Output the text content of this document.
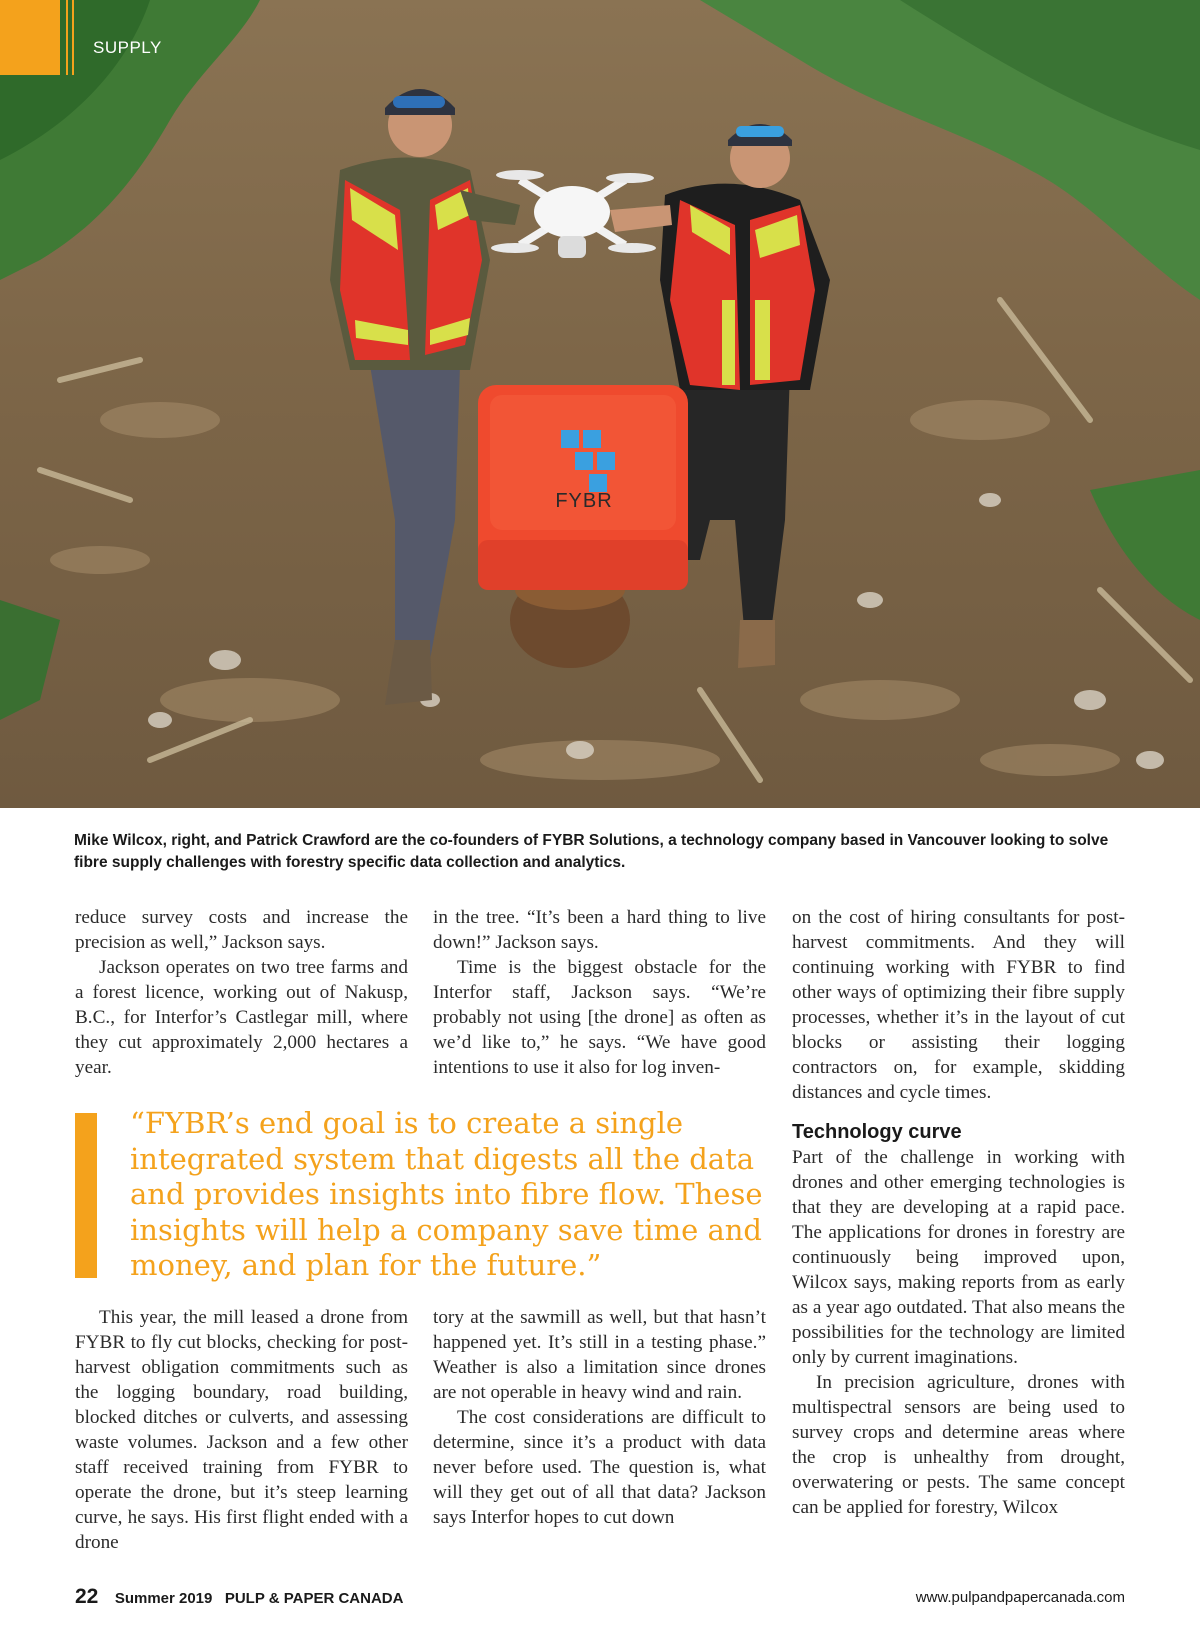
FYBR
SUPPLY
Mike Wilcox, right, and Patrick Crawford are the co-founders of FYBR Solutions, a technology company based in Vancouver looking to solve fibre supply challenges with forestry specific data collection and analytics.

reduce survey costs and increase the precision as well,” Jackson says.

Jackson operates on two tree farms and a forest licence, working out of Nakusp, B.C., for Interfor’s Castlegar mill, where they cut approximately 2,000 hectares a year.

in the tree. “It’s been a hard thing to live down!” Jackson says.

Time is the biggest obstacle for the Interfor staff, Jackson says. “We’re probably not using [the drone] as often as we’d like to,” he says. “We have good intentions to use it also for log inven-

on the cost of hiring consultants for post-harvest commitments. And they will continuing working with FYBR to find other ways of optimizing their fibre supply processes, whether it’s in the layout of cut blocks or assisting their logging contractors on, for example, skidding distances and cycle times.

Technology curve

Part of the challenge in working with drones and other emerging technologies is that they are developing at a rapid pace. The applications for drones in forestry are continuously being improved upon, Wilcox says, making reports from as early as a year ago outdated. That also means the possibilities for the technology are limited only by current imaginations.

In precision agriculture, drones with multispectral sensors are being used to survey crops and determine areas where the crop is unhealthy from drought, overwatering or pests. The same concept can be applied for forestry, Wilcox

“FYBR’s end goal is to create a single integrated system that digests all the data and provides insights into fibre flow. These insights will help a company save time and money, and plan for the future.”

This year, the mill leased a drone from FYBR to fly cut blocks, checking for post-harvest obligation commitments such as the logging boundary, road building, blocked ditches or culverts, and assessing waste volumes. Jackson and a few other staff received training from FYBR to operate the drone, but it’s steep learning curve, he says. His first flight ended with a drone

tory at the sawmill as well, but that hasn’t happened yet. It’s still in a testing phase.” Weather is also a limitation since drones are not operable in heavy wind and rain.

The cost considerations are difficult to determine, since it’s a product with data never before used. The question is, what will they get out of all that data? Jackson says Interfor hopes to cut down

22 Summer 2019 PULP & PAPER CANADA	www.pulpandpapercanada.com
